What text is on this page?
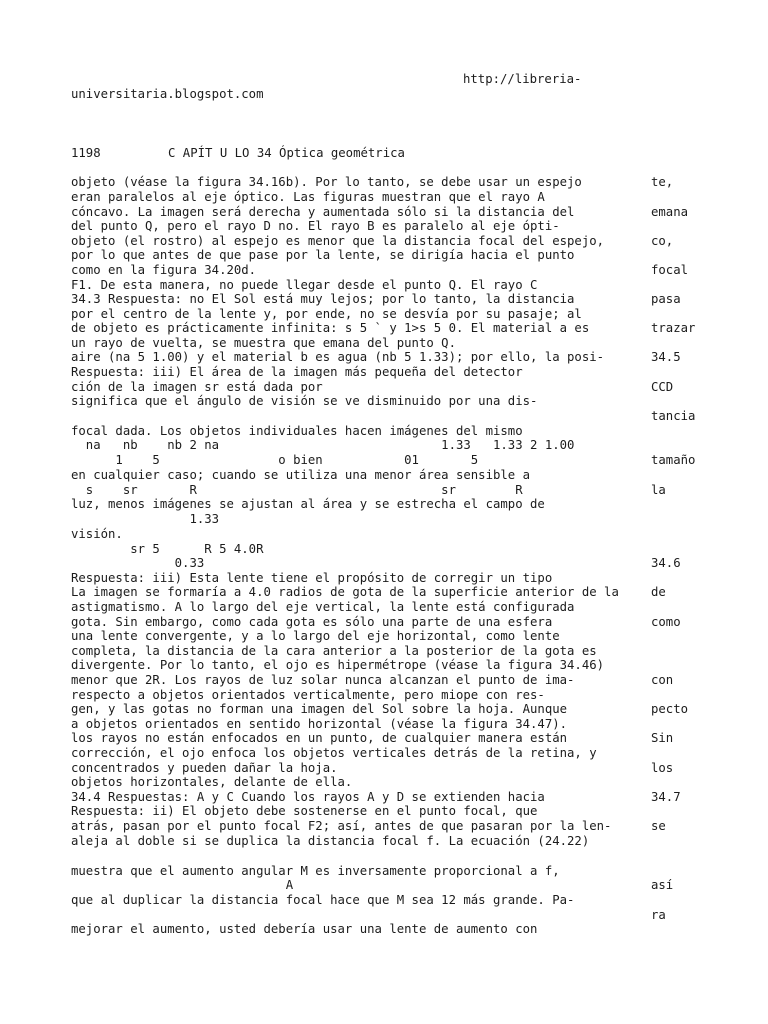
http://libreria-
universitaria.blogspot.com
1198	C APÍT U LO 34 Óptica geométrica
objeto (véase la figura 34.16b). Por lo tanto, se debe usar un espejo
eran paralelos al eje óptico. Las figuras muestran que el rayo A
cóncavo. La imagen será derecha y aumentada sólo si la distancia del
del punto Q, pero el rayo D no. El rayo B es paralelo al eje ópti-
objeto (el rostro) al espejo es menor que la distancia focal del espejo,
por lo que antes de que pase por la lente, se dirigía hacia el punto
como en la figura 34.20d.
F1. De esta manera, no puede llegar desde el punto Q. El rayo C
34.3 Respuesta: no El Sol está muy lejos; por lo tanto, la distancia
por el centro de la lente y, por ende, no se desvía por su pasaje; al
de objeto es prácticamente infinita: s 5 ` y 1>s 5 0. El material a es
un rayo de vuelta, se muestra que emana del punto Q.
aire (na 5 1.00) y el material b es agua (nb 5 1.33); por ello, la posi-
Respuesta: iii) El área de la imagen más pequeña del detector
ción de la imagen sr está dada por
significa que el ángulo de visión se ve disminuido por una dis-
focal dada. Los objetos individuales hacen imágenes del mismo
na   nb    nb 2 na                              1.33   1.33 2 1.00
1    5                o bien           01       5
en cualquier caso; cuando se utiliza una menor área sensible a
s    sr       R                                 sr        R
luz, menos imágenes se ajustan al área y se estrecha el campo de
1.33
visión.
sr 5      R 5 4.0R
0.33
Respuesta: iii) Esta lente tiene el propósito de corregir un tipo
La imagen se formaría a 4.0 radios de gota de la superficie anterior de la
astigmatismo. A lo largo del eje vertical, la lente está configurada
gota. Sin embargo, como cada gota es sólo una parte de una esfera
una lente convergente, y a lo largo del eje horizontal, como lente
completa, la distancia de la cara anterior a la posterior de la gota es
divergente. Por lo tanto, el ojo es hipermétrope (véase la figura 34.46)
menor que 2R. Los rayos de luz solar nunca alcanzan el punto de ima-
respecto a objetos orientados verticalmente, pero miope con res-
gen, y las gotas no forman una imagen del Sol sobre la hoja. Aunque
a objetos orientados en sentido horizontal (véase la figura 34.47).
los rayos no están enfocados en un punto, de cualquier manera están
corrección, el ojo enfoca los objetos verticales detrás de la retina, y
concentrados y pueden dañar la hoja.
objetos horizontales, delante de ella.
34.4 Respuestas: A y C Cuando los rayos A y D se extienden hacia
Respuesta: ii) El objeto debe sostenerse en el punto focal, que
atrás, pasan por el punto focal F2; así, antes de que pasaran por la len-
aleja al doble si se duplica la distancia focal f. La ecuación (24.22)
muestra que el aumento angular M es inversamente proporcional a f,
A
que al duplicar la distancia focal hace que M sea 12 más grande. Pa-
mejorar el aumento, usted debería usar una lente de aumento con
te,
emana
co,
focal
pasa
trazar
34.5
CCD
tancia
tamaño
la
34.6
de
como
con
pecto
Sin
los
34.7
se
así
ra
